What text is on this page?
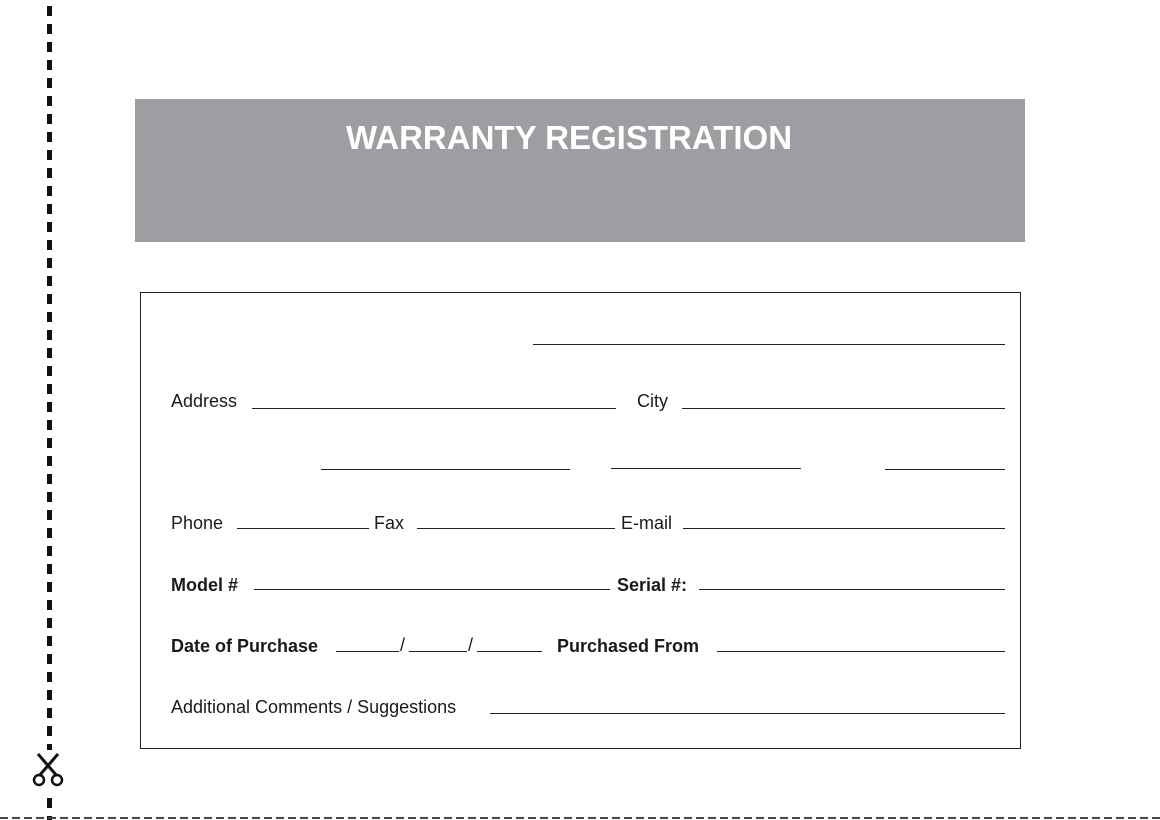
WARRANTY REGISTRATION
Address	City
Phone	Fax	E-mail
Model #	Serial #:
Date of Purchase	/	/	Purchased From
Additional Comments / Suggestions
